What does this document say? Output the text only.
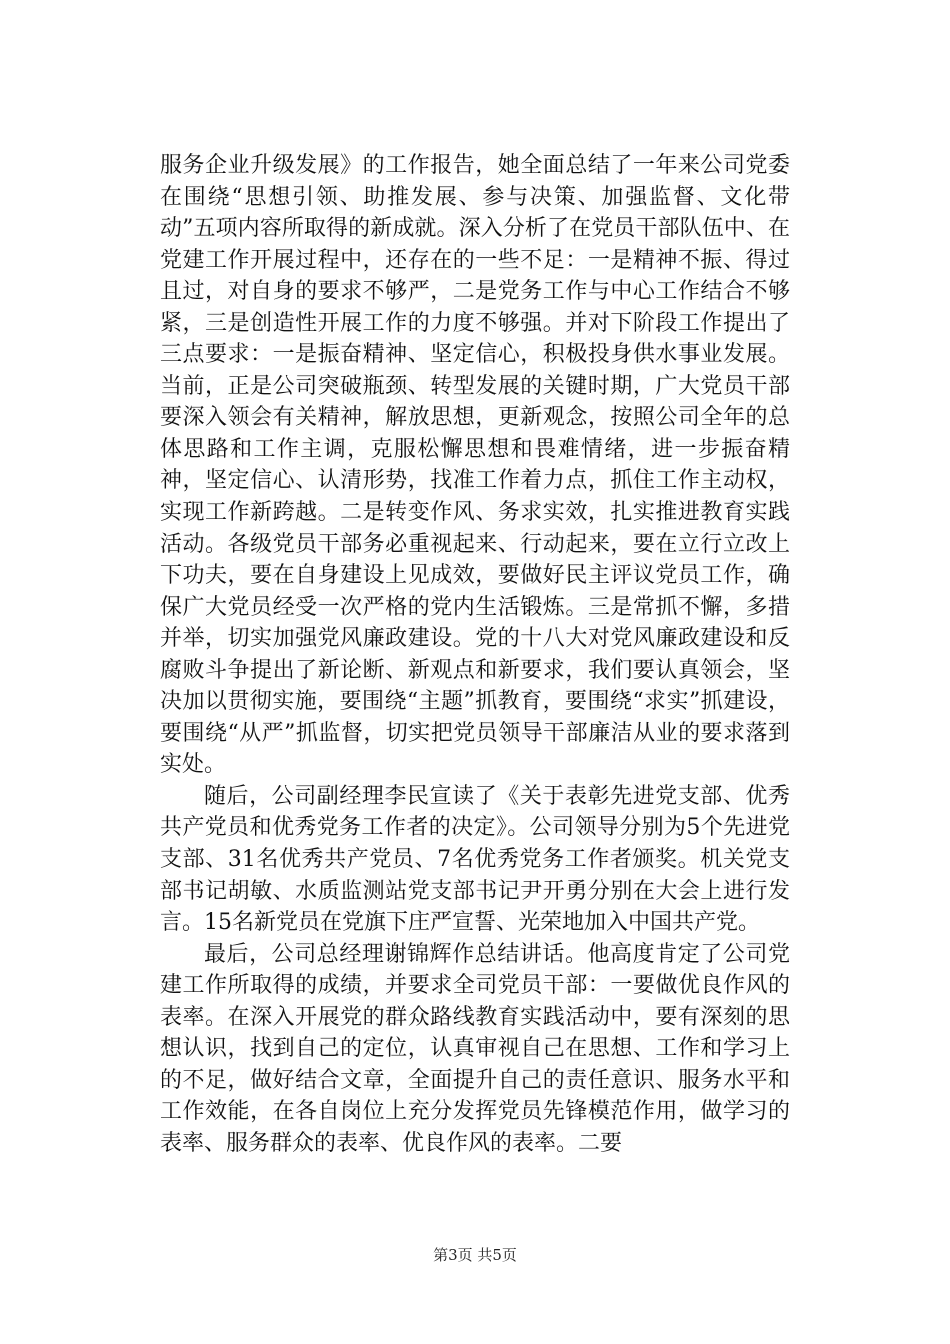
服务企业升级发展》的工作报告，她全面总结了一年来公司党委在围绕“思想引领、助推发展、参与决策、加强监督、文化带动”五项内容所取得的新成就。深入分析了在党员干部队伍中、在党建工作开展过程中，还存在的一些不足：一是精神不振、得过且过，对自身的要求不够严，二是党务工作与中心工作结合不够紧，三是创造性开展工作的力度不够强。并对下阶段工作提出了三点要求：一是振奋精神、坚定信心，积极投身供水事业发展。当前，正是公司突破瓶颈、转型发展的关键时期，广大党员干部要深入领会有关精神，解放思想，更新观念，按照公司全年的总体思路和工作主调，克服松懈思想和畏难情绪，进一步振奋精神，坚定信心、认清形势，找准工作着力点，抓住工作主动权，实现工作新跨越。二是转变作风、务求实效，扎实推进教育实践活动。各级党员干部务必重视起来、行动起来，要在立行立改上下功夫，要在自身建设上见成效，要做好民主评议党员工作，确保广大党员经受一次严格的党内生活锻炼。三是常抓不懈，多措并举，切实加强党风廉政建设。党的十八大对党风廉政建设和反腐败斗争提出了新论断、新观点和新要求，我们要认真领会，坚决加以贯彻实施，要围绕“主题”抓教育，要围绕“求实”抓建设，要围绕“从严”抓监督，切实把党员领导干部廉洁从业的要求落到实处。

随后，公司副经理李民宣读了《关于表彰先进党支部、优秀共产党员和优秀党务工作者的决定》。公司领导分别为5个先进党支部、31名优秀共产党员、7名优秀党务工作者颁奖。机关党支部书记胡敏、水质监测站党支部书记尹开勇分别在大会上进行发言。15名新党员在党旗下庄严宣誓、光荣地加入中国共产党。

最后，公司总经理谢锦辉作总结讲话。他高度肯定了公司党建工作所取得的成绩，并要求全司党员干部：一要做优良作风的表率。在深入开展党的群众路线教育实践活动中，要有深刻的思想认识，找到自己的定位，认真审视自己在思想、工作和学习上的不足，做好结合文章，全面提升自己的责任意识、服务水平和工作效能，在各自岗位上充分发挥党员先锋模范作用，做学习的表率、服务群众的表率、优良作风的表率。二要

第3页 共5页
